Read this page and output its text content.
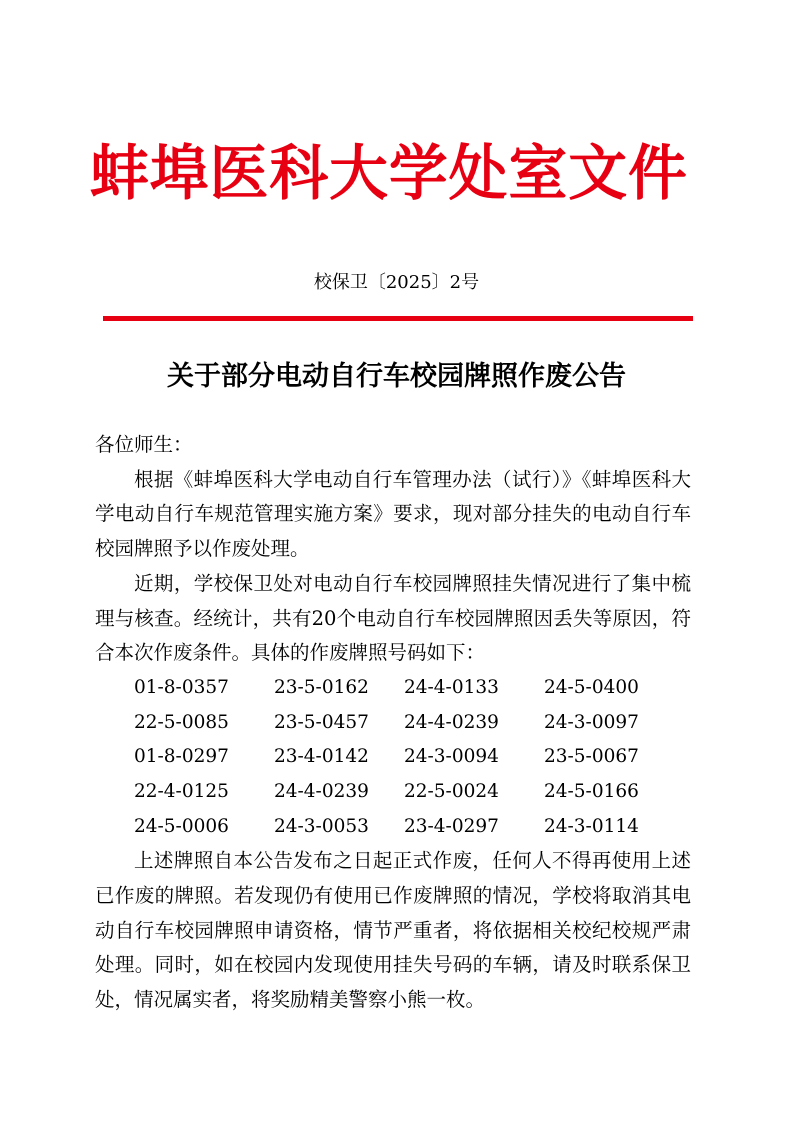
蚌埠医科大学处室文件
校保卫〔2025〕2号
关于部分电动自行车校园牌照作废公告

各位师生：

根据《蚌埠医科大学电动自行车管理办法（试行）》《蚌埠医科大学电动自行车规范管理实施方案》要求，现对部分挂失的电动自行车校园牌照予以作废处理。

近期，学校保卫处对电动自行车校园牌照挂失情况进行了集中梳理与核查。经统计，共有20个电动自行车校园牌照因丢失等原因，符合本次作废条件。具体的作废牌照号码如下：

01-8-0357	23-5-0162	24-4-0133	24-5-0400
22-5-0085	23-5-0457	24-4-0239	24-3-0097
01-8-0297	23-4-0142	24-3-0094	23-5-0067
22-4-0125	24-4-0239	22-5-0024	24-5-0166
24-5-0006	24-3-0053	23-4-0297	24-3-0114

上述牌照自本公告发布之日起正式作废，任何人不得再使用上述已作废的牌照。若发现仍有使用已作废牌照的情况，学校将取消其电动自行车校园牌照申请资格，情节严重者，将依据相关校纪校规严肃处理。同时，如在校园内发现使用挂失号码的车辆，请及时联系保卫处，情况属实者，将奖励精美警察小熊一枚。
